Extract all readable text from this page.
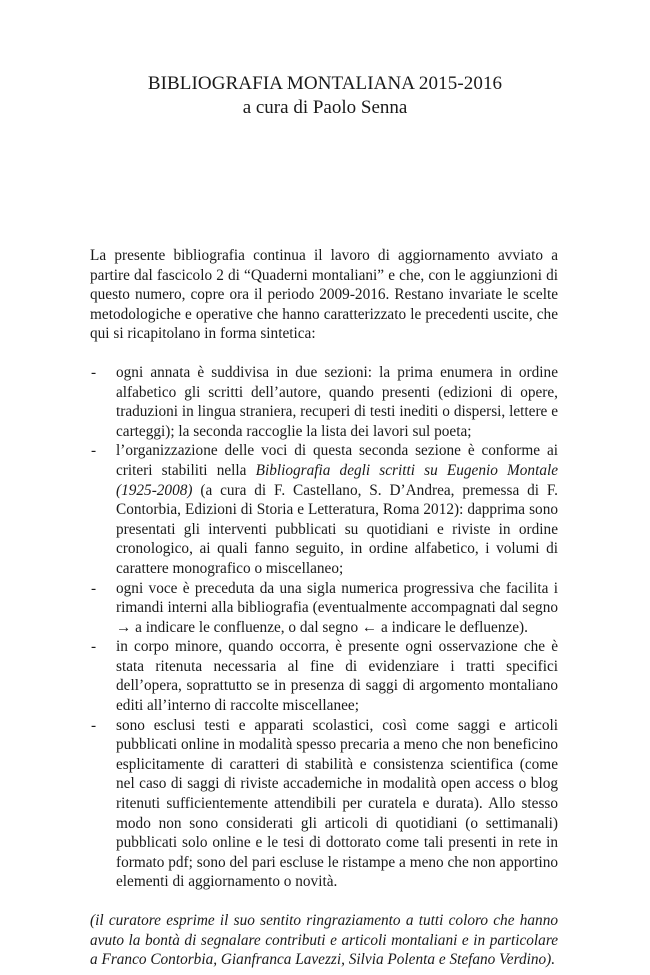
BIBLIOGRAFIA MONTALIANA 2015-2016
a cura di Paolo Senna

La presente bibliografia continua il lavoro di aggiornamento avviato a partire dal fascicolo 2 di “Quaderni montaliani” e che, con le aggiunzioni di questo numero, copre ora il periodo 2009-2016. Restano invariate le scelte metodologiche e operative che hanno caratterizzato le precedenti uscite, che qui si ricapitolano in forma sintetica:

- ogni annata è suddivisa in due sezioni: la prima enumera in ordine alfabetico gli scritti dell’autore, quando presenti (edizioni di opere, traduzioni in lingua straniera, recuperi di testi inediti o dispersi, lettere e carteggi); la seconda raccoglie la lista dei lavori sul poeta;
- l’organizzazione delle voci di questa seconda sezione è conforme ai criteri stabiliti nella Bibliografia degli scritti su Eugenio Montale (1925-2008) (a cura di F. Castellano, S. D’Andrea, premessa di F. Contorbia, Edizioni di Storia e Letteratura, Roma 2012): dapprima sono presentati gli interventi pubblicati su quotidiani e riviste in ordine cronologico, ai quali fanno seguito, in ordine alfabetico, i volumi di carattere monografico o miscellaneo;
- ogni voce è preceduta da una sigla numerica progressiva che facilita i rimandi interni alla bibliografia (eventualmente accompagnati dal segno → a indicare le confluenze, o dal segno ← a indicare le defluenze).
- in corpo minore, quando occorra, è presente ogni osservazione che è stata ritenuta necessaria al fine di evidenziare i tratti specifici dell’opera, soprattutto se in presenza di saggi di argomento montaliano editi all’interno di raccolte miscellanee;
- sono esclusi testi e apparati scolastici, così come saggi e articoli pubblicati online in modalità spesso precaria a meno che non beneficino esplicitamente di caratteri di stabilità e consistenza scientifica (come nel caso di saggi di riviste accademiche in modalità open access o blog ritenuti sufficientemente attendibili per curatela e durata). Allo stesso modo non sono considerati gli articoli di quotidiani (o settimanali) pubblicati solo online e le tesi di dottorato come tali presenti in rete in formato pdf; sono del pari escluse le ristampe a meno che non apportino elementi di aggiornamento o novità.

(il curatore esprime il suo sentito ringraziamento a tutti coloro che hanno avuto la bontà di segnalare contributi e articoli montaliani e in particolare a Franco Contorbia, Gianfranca Lavezzi, Silvia Polenta e Stefano Verdino).
